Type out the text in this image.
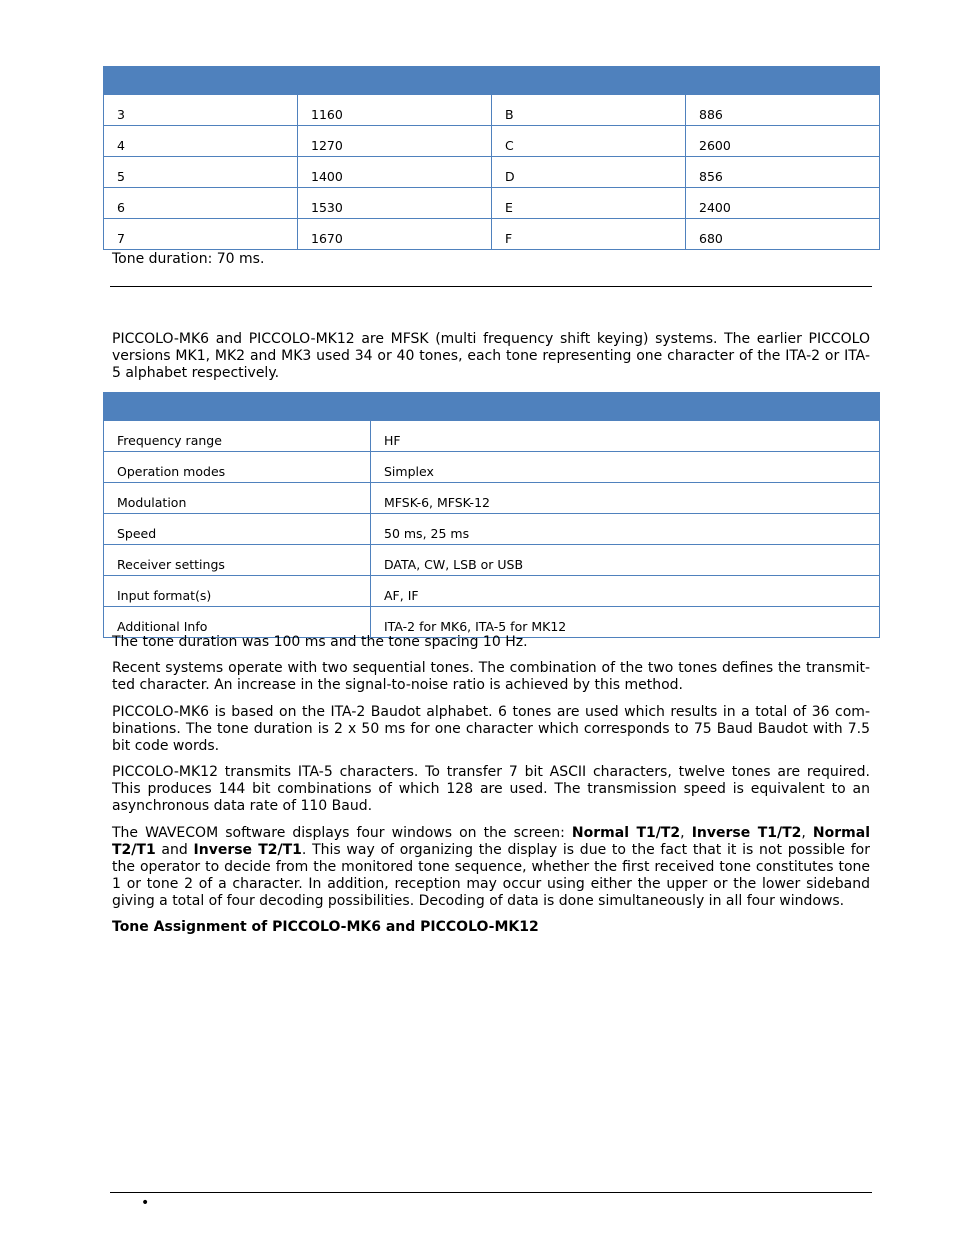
3	1160	B	886

4	1270	C	2600

5	1400	D	856

6	1530	E	2400

7	1670	F	680

Tone duration: 70 ms.

PICCOLO-MK6 and PICCOLO-MK12 are MFSK (multi frequency shift keying) systems. The earlier PICCOLO versions MK1, MK2 and MK3 used 34 or 40 tones, each tone representing one character of the ITA-2 or ITA-5 alphabet respectively.

Frequency range	HF

Operation modes	Simplex

Modulation	MFSK-6, MFSK-12

Speed	50 ms, 25 ms

Receiver settings	DATA, CW, LSB or USB

Input format(s)	AF, IF

Additional Info	ITA-2 for MK6, ITA-5 for MK12

The tone duration was 100 ms and the tone spacing 10 Hz.

Recent systems operate with two sequential tones. The combination of the two tones defines the transmit-ted character. An increase in the signal-to-noise ratio is achieved by this method.

PICCOLO-MK6 is based on the ITA-2 Baudot alphabet. 6 tones are used which results in a total of 36 com-binations. The tone duration is 2 x 50 ms for one character which corresponds to 75 Baud Baudot with 7.5 bit code words.

PICCOLO-MK12 transmits ITA-5 characters. To transfer 7 bit ASCII characters, twelve tones are required. This produces 144 bit combinations of which 128 are used. The transmission speed is equivalent to an asynchronous data rate of 110 Baud.

The WAVECOM software displays four windows on the screen: Normal T1/T2, Inverse T1/T2, Normal T2/T1 and Inverse T2/T1. This way of organizing the display is due to the fact that it is not possible for the operator to decide from the monitored tone sequence, whether the first received tone constitutes tone 1 or tone 2 of a character. In addition, reception may occur using either the upper or the lower sideband giving a total of four decoding possibilities. Decoding of data is done simultaneously in all four windows.

Tone Assignment of PICCOLO-MK6 and PICCOLO-MK12

•
